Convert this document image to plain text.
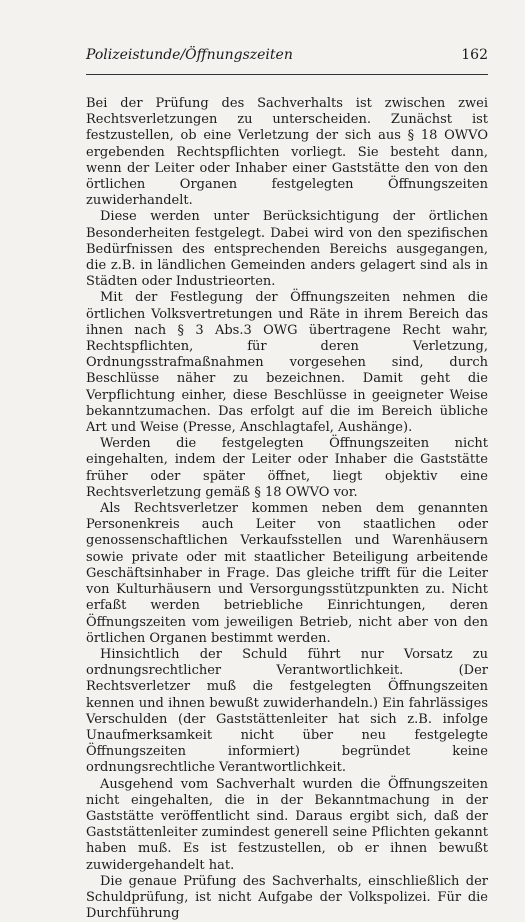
Polizeistunde/Öffnungszeiten	162

Bei der Prüfung des Sachverhalts ist zwischen zwei Rechtsverletzungen zu unterscheiden. Zunächst ist festzustellen, ob eine Verletzung der sich aus § 18 OWVO ergebenden Rechtspflichten vorliegt. Sie besteht dann, wenn der Leiter oder Inhaber einer Gaststätte den von den örtlichen Organen festgelegten Öffnungszeiten zuwiderhandelt.

Diese werden unter Berücksichtigung der örtlichen Besonderheiten festgelegt. Dabei wird von den spezifischen Bedürfnissen des entsprechenden Bereichs ausgegangen, die z.B. in ländlichen Gemeinden anders gelagert sind als in Städten oder Industrieorten.

Mit der Festlegung der Öffnungszeiten nehmen die örtlichen Volksvertretungen und Räte in ihrem Bereich das ihnen nach § 3 Abs.3 OWG übertragene Recht wahr, Rechtspflichten, für deren Verletzung, Ordnungsstrafmaßnahmen vorgesehen sind, durch Beschlüsse näher zu bezeichnen. Damit geht die Verpflichtung einher, diese Beschlüsse in geeigneter Weise bekanntzumachen. Das erfolgt auf die im Bereich übliche Art und Weise (Presse, Anschlagtafel, Aushänge).

Werden die festgelegten Öffnungszeiten nicht eingehalten, indem der Leiter oder Inhaber die Gaststätte früher oder später öffnet, liegt objektiv eine Rechtsverletzung gemäß § 18 OWVO vor.

Als Rechtsverletzer kommen neben dem genannten Personenkreis auch Leiter von staatlichen oder genossenschaftlichen Verkaufsstellen und Warenhäusern sowie private oder mit staatlicher Beteiligung arbeitende Geschäftsinhaber in Frage. Das gleiche trifft für die Leiter von Kulturhäusern und Versorgungsstützpunkten zu. Nicht erfaßt werden betriebliche Einrichtungen, deren Öffnungszeiten vom jeweiligen Betrieb, nicht aber von den örtlichen Organen bestimmt werden.

Hinsichtlich der Schuld führt nur Vorsatz zu ordnungsrechtlicher Verantwortlichkeit. (Der Rechtsverletzer muß die festgelegten Öffnungszeiten kennen und ihnen bewußt zuwiderhandeln.) Ein fahrlässiges Verschulden (der Gaststättenleiter hat sich z.B. infolge Unaufmerksamkeit nicht über neu festgelegte Öffnungszeiten informiert) begründet keine ordnungsrechtliche Verantwortlichkeit.

Ausgehend vom Sachverhalt wurden die Öffnungszeiten nicht eingehalten, die in der Bekanntmachung in der Gaststätte veröffentlicht sind. Daraus ergibt sich, daß der Gaststättenleiter zumindest generell seine Pflichten gekannt haben muß. Es ist festzustellen, ob er ihnen bewußt zuwidergehandelt hat.

Die genaue Prüfung des Sachverhalts, einschließlich der Schuldprüfung, ist nicht Aufgabe der Volkspolizei. Für die Durchführung
